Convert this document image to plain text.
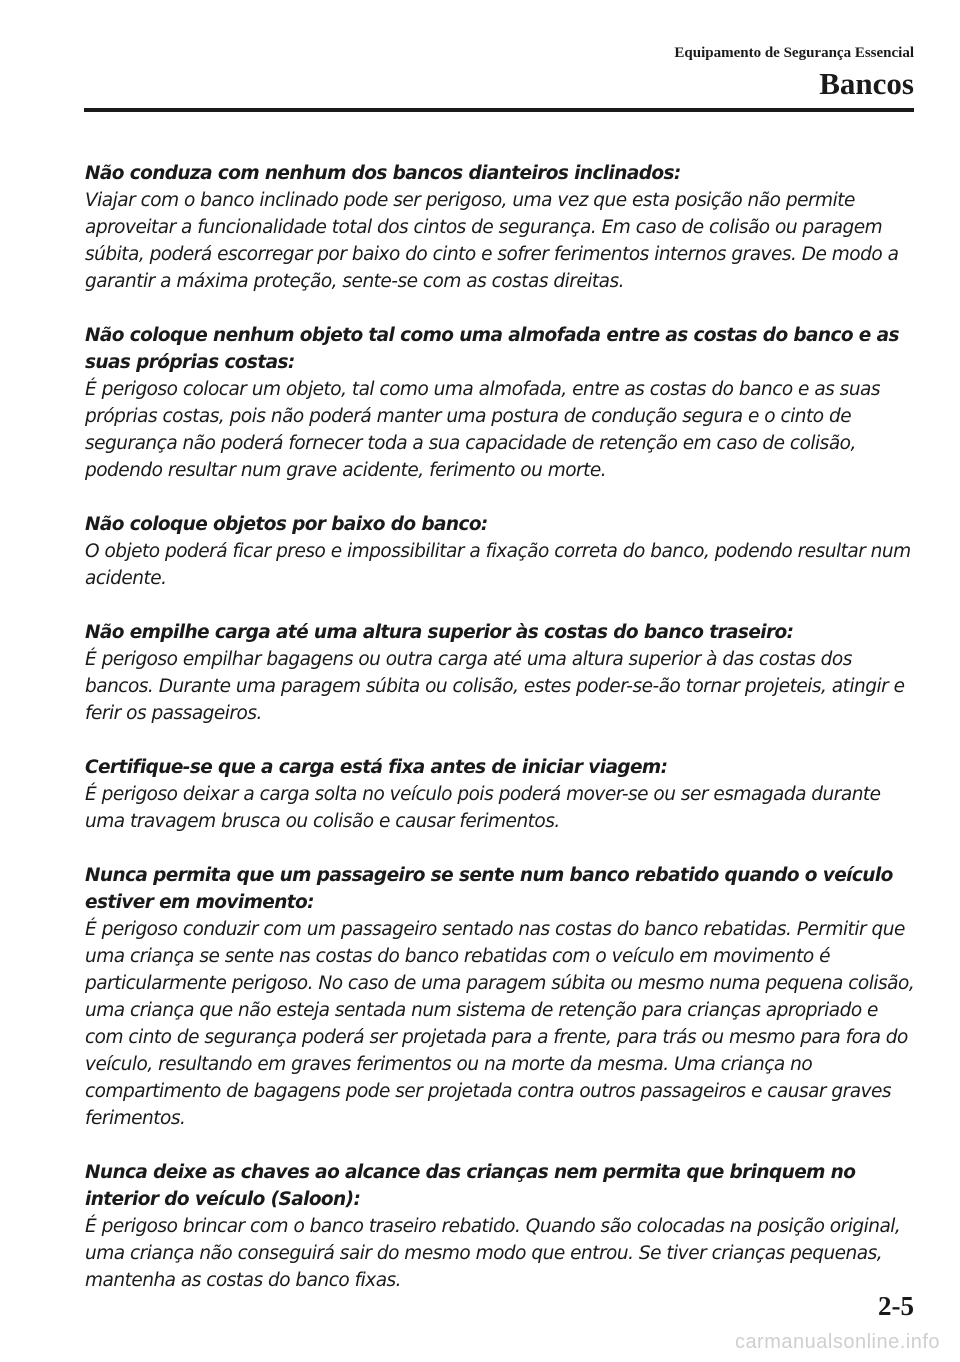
Equipamento de Segurança Essencial
Bancos
Não conduza com nenhum dos bancos dianteiros inclinados:
Viajar com o banco inclinado pode ser perigoso, uma vez que esta posição não permite aproveitar a funcionalidade total dos cintos de segurança. Em caso de colisão ou paragem súbita, poderá escorregar por baixo do cinto e sofrer ferimentos internos graves. De modo a garantir a máxima proteção, sente-se com as costas direitas.
Não coloque nenhum objeto tal como uma almofada entre as costas do banco e as suas próprias costas:
É perigoso colocar um objeto, tal como uma almofada, entre as costas do banco e as suas próprias costas, pois não poderá manter uma postura de condução segura e o cinto de segurança não poderá fornecer toda a sua capacidade de retenção em caso de colisão, podendo resultar num grave acidente, ferimento ou morte.
Não coloque objetos por baixo do banco:
O objeto poderá ficar preso e impossibilitar a fixação correta do banco, podendo resultar num acidente.
Não empilhe carga até uma altura superior às costas do banco traseiro:
É perigoso empilhar bagagens ou outra carga até uma altura superior à das costas dos bancos. Durante uma paragem súbita ou colisão, estes poder-se-ão tornar projeteis, atingir e ferir os passageiros.
Certifique-se que a carga está fixa antes de iniciar viagem:
É perigoso deixar a carga solta no veículo pois poderá mover-se ou ser esmagada durante uma travagem brusca ou colisão e causar ferimentos.
Nunca permita que um passageiro se sente num banco rebatido quando o veículo estiver em movimento:
É perigoso conduzir com um passageiro sentado nas costas do banco rebatidas. Permitir que uma criança se sente nas costas do banco rebatidas com o veículo em movimento é particularmente perigoso. No caso de uma paragem súbita ou mesmo numa pequena colisão, uma criança que não esteja sentada num sistema de retenção para crianças apropriado e com cinto de segurança poderá ser projetada para a frente, para trás ou mesmo para fora do veículo, resultando em graves ferimentos ou na morte da mesma. Uma criança no compartimento de bagagens pode ser projetada contra outros passageiros e causar graves ferimentos.
Nunca deixe as chaves ao alcance das crianças nem permita que brinquem no interior do veículo (Saloon):
É perigoso brincar com o banco traseiro rebatido. Quando são colocadas na posição original, uma criança não conseguirá sair do mesmo modo que entrou. Se tiver crianças pequenas, mantenha as costas do banco fixas.
2-5
carmanualsonline.info
